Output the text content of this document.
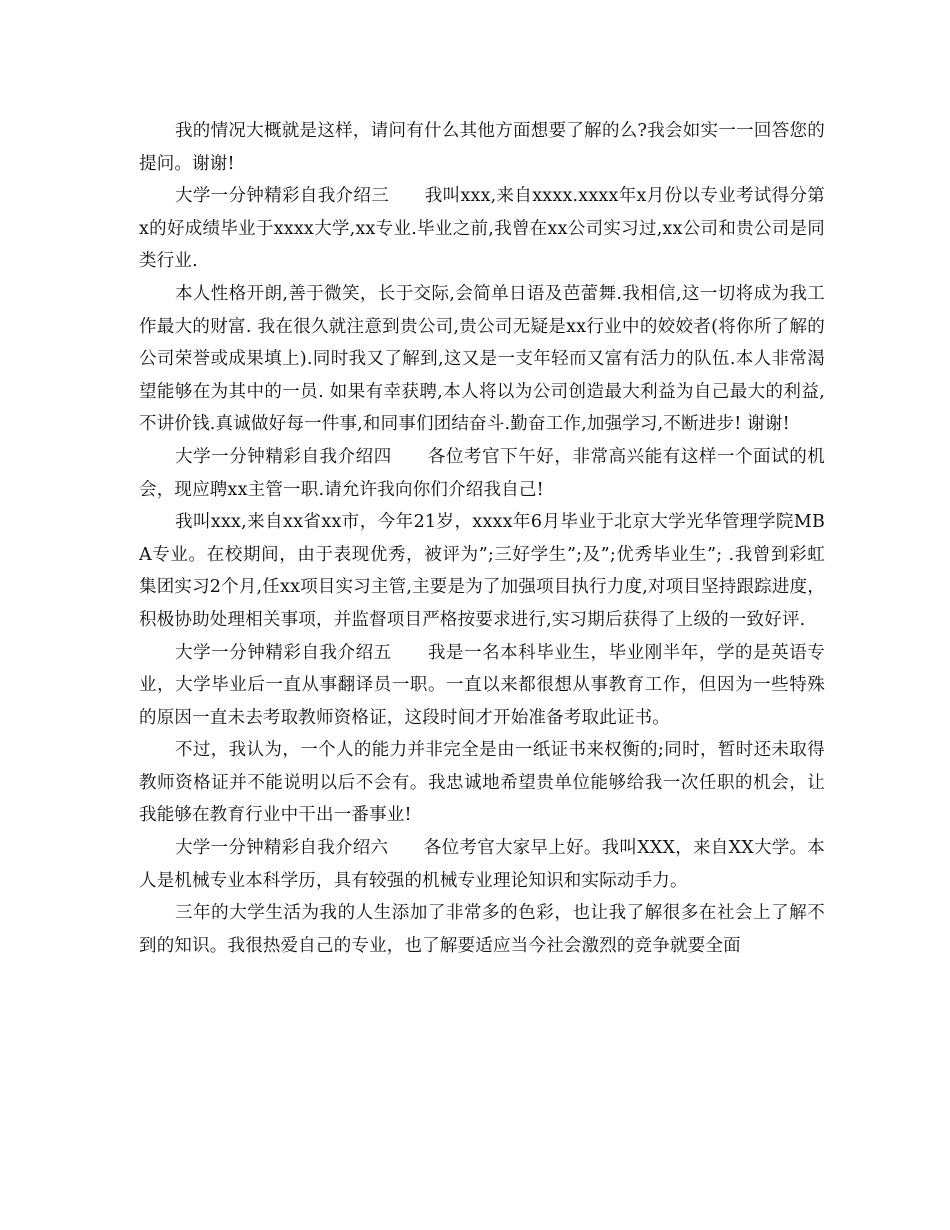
我的情况大概就是这样，请问有什么其他方面想要了解的么?我会如实一一回答您的提问。谢谢!

大学一分钟精彩自我介绍三　　我叫xxx,来自xxxx.xxxx年x月份以专业考试得分第x的好成绩毕业于xxxx大学,xx专业.毕业之前,我曾在xx公司实习过,xx公司和贵公司是同类行业.

本人性格开朗,善于微笑，长于交际,会简单日语及芭蕾舞.我相信,这一切将成为我工作最大的财富. 我在很久就注意到贵公司,贵公司无疑是xx行业中的姣姣者(将你所了解的公司荣誉或成果填上).同时我又了解到,这又是一支年轻而又富有活力的队伍.本人非常渴望能够在为其中的一员. 如果有幸获聘,本人将以为公司创造最大利益为自己最大的利益,不讲价钱.真诚做好每一件事,和同事们团结奋斗.勤奋工作,加强学习,不断进步! 谢谢!

大学一分钟精彩自我介绍四　　各位考官下午好，非常高兴能有这样一个面试的机会，现应聘xx主管一职.请允许我向你们介绍我自己!

我叫xxx,来自xx省xx市，今年21岁，xxxx年6月毕业于北京大学光华管理学院MBA专业。在校期间，由于表现优秀，被评为”;三好学生”;及”;优秀毕业生”; .我曾到彩虹集团实习2个月,任xx项目实习主管,主要是为了加强项目执行力度,对项目坚持跟踪进度，积极协助处理相关事项，并监督项目严格按要求进行,实习期后获得了上级的一致好评.

大学一分钟精彩自我介绍五　　我是一名本科毕业生，毕业刚半年，学的是英语专业，大学毕业后一直从事翻译员一职。一直以来都很想从事教育工作，但因为一些特殊的原因一直未去考取教师资格证，这段时间才开始准备考取此证书。

不过，我认为，一个人的能力并非完全是由一纸证书来权衡的;同时，暂时还未取得教师资格证并不能说明以后不会有。我忠诚地希望贵单位能够给我一次任职的机会，让我能够在教育行业中干出一番事业!

大学一分钟精彩自我介绍六　　各位考官大家早上好。我叫XXX，来自XX大学。本人是机械专业本科学历，具有较强的机械专业理论知识和实际动手力。

三年的大学生活为我的人生添加了非常多的色彩，也让我了解很多在社会上了解不到的知识。我很热爱自己的专业，也了解要适应当今社会激烈的竞争就要全面
